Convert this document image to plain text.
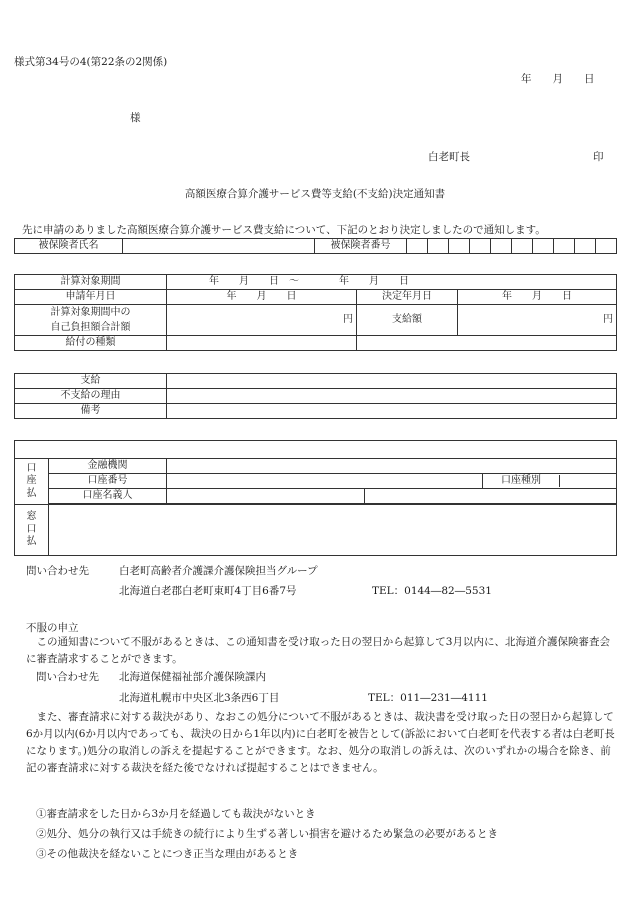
様式第34号の4(第22条の2関係)
年　　月　　日
様
白老町長	印
高額医療合算介護サービス費等支給(不支給)決定通知書
先に申請のありました高額医療合算介護サービス費支給について、下記のとおり決定しましたので通知します。
被保険者氏名		被保険者番号										
計算対象期間	年　　月　　日　～　　　　年　　月　　日		
申請年月日	年　　月　　日	決定年月日	年　　月　　日

計算対象期間中の
自己負担額合計額	円	支給額	円
給付の種類			
支給	
不支給の理由	
備考	

口座払	金融機関			
	口座番号			口座種別
	口座名義人			

窓口払				

問い合わせ先	白老町高齢者介護課介護保険担当グループ
北海道白老郡白老町東町4丁目6番7号	TEL：0144―82―5531
不服の申立
この通知書について不服があるときは、この通知書を受け取った日の翌日から起算して3月以内に、北海道介護保険審査会に審査請求することができます。
問い合わせ先 北海道保健福祉部介護保険課内
北海道札幌市中央区北3条西6丁目	TEL：011―231―4111
また、審査請求に対する裁決があり、なおこの処分について不服があるときは、裁決書を受け取った日の翌日から起算して6か月以内(6か月以内であっても、裁決の日から1年以内)に白老町を被告として(訴訟において白老町を代表する者は白老町長になります。)処分の取消しの訴えを提起することができます。なお、処分の取消しの訴えは、次のいずれかの場合を除き、前記の審査請求に対する裁決を経た後でなければ提起することはできません。
①審査請求をした日から3か月を経過しても裁決がないとき
②処分、処分の執行又は手続きの続行により生ずる著しい損害を避けるため緊急の必要があるとき
③その他裁決を経ないことにつき正当な理由があるとき
